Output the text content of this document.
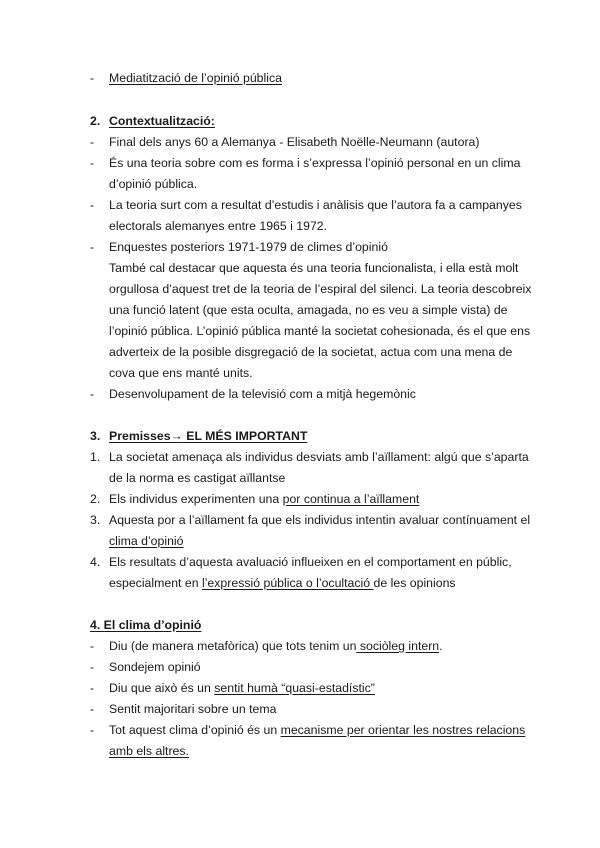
- Mediatització de l’opinió pública
2. Contextualització:
- Final dels anys 60 a Alemanya - Elisabeth Noëlle-Neumann (autora)
- És una teoria sobre com es forma i s’expressa l’opinió personal en un clima
d’opinió pública.
- La teoria surt com a resultat d’estudis i anàlisis que l’autora fa a campanyes
electorals alemanyes entre 1965 i 1972.
- Enquestes posteriors 1971-1979 de climes d’opinió
També cal destacar que aquesta és una teoria funcionalista, i ella està molt
orgullosa d’aquest tret de la teoria de l’espiral del silenci. La teoria descobreix
una funció latent (que esta oculta, amagada, no es veu a simple vista) de
l’opinió pública. L’opinió pública manté la societat cohesionada, és el que ens
adverteix de la posible disgregació de la societat, actua com una mena de
cova que ens manté units.
- Desenvolupament de la televisió com a mitjà hegemònic
3. Premisses→ EL MÉS IMPORTANT
1. La societat amenaça als individus desviats amb l’aïllament: algú que s’aparta
de la norma es castigat aïllantse
2. Els individus experimenten una por continua a l’aïllament
3. Aquesta por a l’aïllament fa que els individus intentin avaluar contínuament el
clima d’opinió
4. Els resultats d’aquesta avaluació influeixen en el comportament en públic,
especialment en l’expressió pública o l’ocultació de les opinions
4. El clima d’opinió
- Diu (de manera metafòrica) que tots tenim un sociòleg intern.
- Sondejem opinió
- Diu que això és un sentit humà “quasi-estadístic”
- Sentit majoritari sobre un tema
- Tot aquest clima d’opinió és un mecanisme per orientar les nostres relacions
amb els altres.
